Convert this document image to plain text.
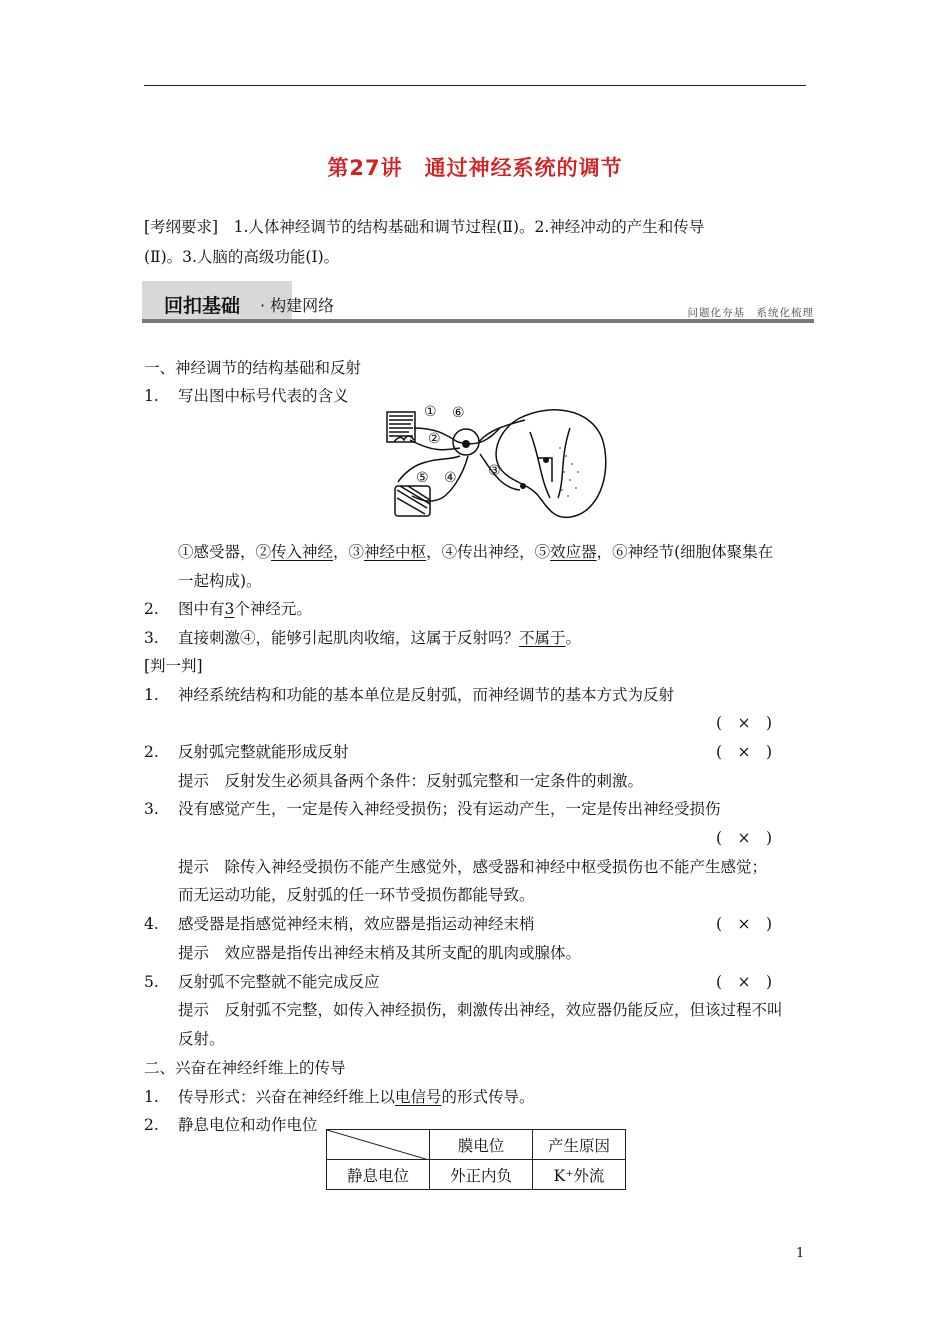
第27讲　通过神经系统的调节
[考纲要求]　1.人体神经调节的结构基础和调节过程(Ⅱ)。2.神经冲动的产生和传导
(Ⅱ)。3.人脑的高级功能(Ⅰ)。
回扣基础 · 构建网络	问题化夯基　系统化梳理
一、神经调节的结构基础和反射
1. 写出图中标号代表的含义
①
②
③
④
⑤
⑥
①感受器，②传入神经，③神经中枢，④传出神经，⑤效应器，⑥神经节(细胞体聚集在
一起构成)。
2. 图中有3个神经元。
3. 直接刺激④，能够引起肌肉收缩，这属于反射吗？不属于。
[判一判]
1. 神经系统结构和功能的基本单位是反射弧，而神经调节的基本方式为反射
(　×　)
2. 反射弧完整就能形成反射	(　×　)
提示　反射发生必须具备两个条件：反射弧完整和一定条件的刺激。
3. 没有感觉产生，一定是传入神经受损伤；没有运动产生，一定是传出神经受损伤
(　×　)
提示　除传入神经受损伤不能产生感觉外，感受器和神经中枢受损伤也不能产生感觉；
而无运动功能，反射弧的任一环节受损伤都能导致。
4. 感受器是指感觉神经末梢，效应器是指运动神经末梢	(　×　)
提示　效应器是指传出神经末梢及其所支配的肌肉或腺体。
5. 反射弧不完整就不能完成反应	(　×　)
提示　反射弧不完整，如传入神经损伤，刺激传出神经，效应器仍能反应，但该过程不叫
反射。
二、兴奋在神经纤维上的传导
1. 传导形式：兴奋在神经纤维上以电信号的形式传导。
2. 静息电位和动作电位
	膜电位	产生原因
静息电位	外正内负	K⁺外流
1
